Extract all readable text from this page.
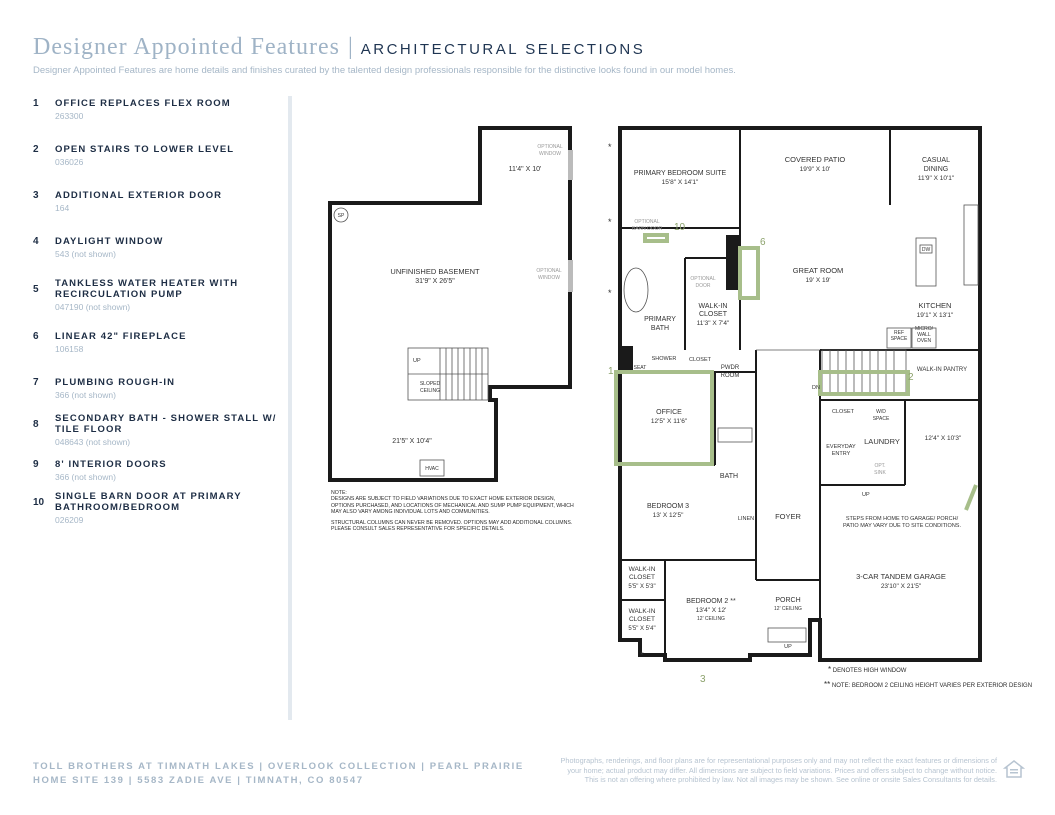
Designer Appointed Features | ARCHITECTURAL SELECTIONS
Designer Appointed Features are home details and finishes curated by the talented design professionals responsible for the distinctive looks found in our model homes.
1 OFFICE REPLACES FLEX ROOM
263300
2 OPEN STAIRS TO LOWER LEVEL
036026
3 ADDITIONAL EXTERIOR DOOR
164
4 DAYLIGHT WINDOW
543 (not shown)
5
TANKLESS WATER HEATER WITH RECIRCULATION PUMP
047190 (not shown)
6 LINEAR 42" FIREPLACE
106158
7 PLUMBING ROUGH-IN
366 (not shown)
8
SECONDARY BATH - SHOWER STALL W/ TILE FLOOR
048643 (not shown)
9 8' INTERIOR DOORS
366 (not shown)
10
SINGLE BARN DOOR AT PRIMARY BATHROOM/BEDROOM
026209
SP
HVAC
UNFINISHED BASEMENT
31'9" X 26'5"
11'4" X 10'
21'5" X 10'4"
OPTIONAL
WINDOW
OPTIONAL
WINDOW
UP
SLOPED
CEILING
DW
1
2
3
6
10
*
*
*
*
PRIMARY BEDROOM SUITE
15'8" X 14'1"
COVERED PATIO
19'9" X 10'
CASUAL
DINING
11'9" X 10'1"
GREAT ROOM
19' X 19'
KITCHEN
19'1" X 13'1"
REF
SPACE
MICRO/
WALL
OVEN
WALK-IN PANTRY
WALK-IN
CLOSET
11'3" X 7'4"
OPTIONAL
DOOR
OPTIONAL
BARN DOOR
PRIMARY
BATH
SHOWER
SEAT
CLOSET
PWDR
ROOM
DN
OFFICE
12'5" X 11'6"
BATH
LINEN	FOYER
CLOSET
EVERYDAY
ENTRY
W/D
SPACE
LAUNDRY
OPT.
SINK
12'4" X 10'3"
UP
STEPS FROM HOME TO GARAGE/ PORCH/
PATIO MAY VARY DUE TO SITE CONDITIONS.
BEDROOM 3
13' X 12'5"
3-CAR TANDEM GARAGE
23'10" X 21'5"
WALK-IN
CLOSET
5'5" X 5'3"
WALK-IN
CLOSET
5'5" X 5'4"
BEDROOM 2 **
13'4" X 12'
12' CEILING
PORCH
12' CEILING
UP

NOTE:
DESIGNS ARE SUBJECT TO FIELD VARIATIONS DUE TO EXACT HOME EXTERIOR DESIGN, OPTIONS PURCHASED, AND LOCATIONS OF MECHANICAL AND SUMP PUMP EQUIPMENT, WHICH MAY ALSO VARY AMONG INDIVIDUAL LOTS AND COMMUNITIES.

STRUCTURAL COLUMNS CAN NEVER BE REMOVED. OPTIONS MAY ADD ADDITIONAL COLUMNS. PLEASE CONSULT SALES REPRESENTATIVE FOR SPECIFIC DETAILS.

* DENOTES HIGH WINDOW
** NOTE: BEDROOM 2 CEILING HEIGHT VARIES PER EXTERIOR DESIGN
TOLL BROTHERS AT TIMNATH LAKES | OVERLOOK COLLECTION | PEARL PRAIRIE
HOME SITE 139 | 5583 ZADIE AVE | TIMNATH, CO 80547
Photographs, renderings, and floor plans are for representational purposes only and may not reflect the exact features or dimensions of
your home; actual product may differ. All dimensions are subject to field variations. Prices and offers subject to change without notice.
This is not an offering where prohibited by law. Not all images may be shown. See online or onsite Sales Consultants for details.
